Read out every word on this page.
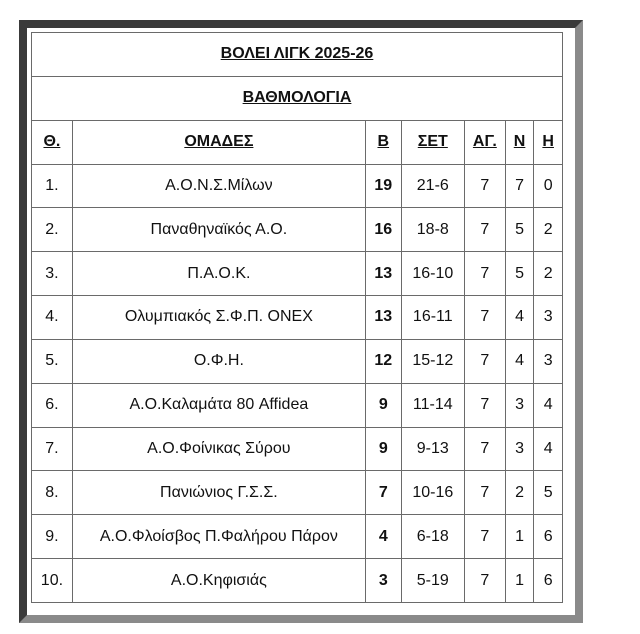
ΒΟΛΕΙ ΛΙΓΚ 2025-26						
ΒΑΘΜΟΛΟΓΙΑ						
Θ.	ΟΜΑΔΕΣ	Β	ΣΕΤ	ΑΓ.	Ν	Η
1.	Α.Ο.Ν.Σ.Μίλων	19	21-6	7	7	0
2.	Παναθηναϊκός Α.Ο.	16	18-8	7	5	2
3.	Π.Α.Ο.Κ.	13	16-10	7	5	2
4.	Ολυμπιακός Σ.Φ.Π. ΟΝΕΧ	13	16-11	7	4	3
5.	Ο.Φ.Η.	12	15-12	7	4	3
6.	Α.Ο.Καλαμάτα 80 Affidea	9	11-14	7	3	4
7.	Α.Ο.Φοίνικας Σύρου	9	9-13	7	3	4
8.	Πανιώνιος Γ.Σ.Σ.	7	10-16	7	2	5
9.	Α.Ο.Φλοίσβος Π.Φαλήρου Πάρον	4	6-18	7	1	6
10.	Α.Ο.Κηφισιάς	3	5-19	7	1	6
